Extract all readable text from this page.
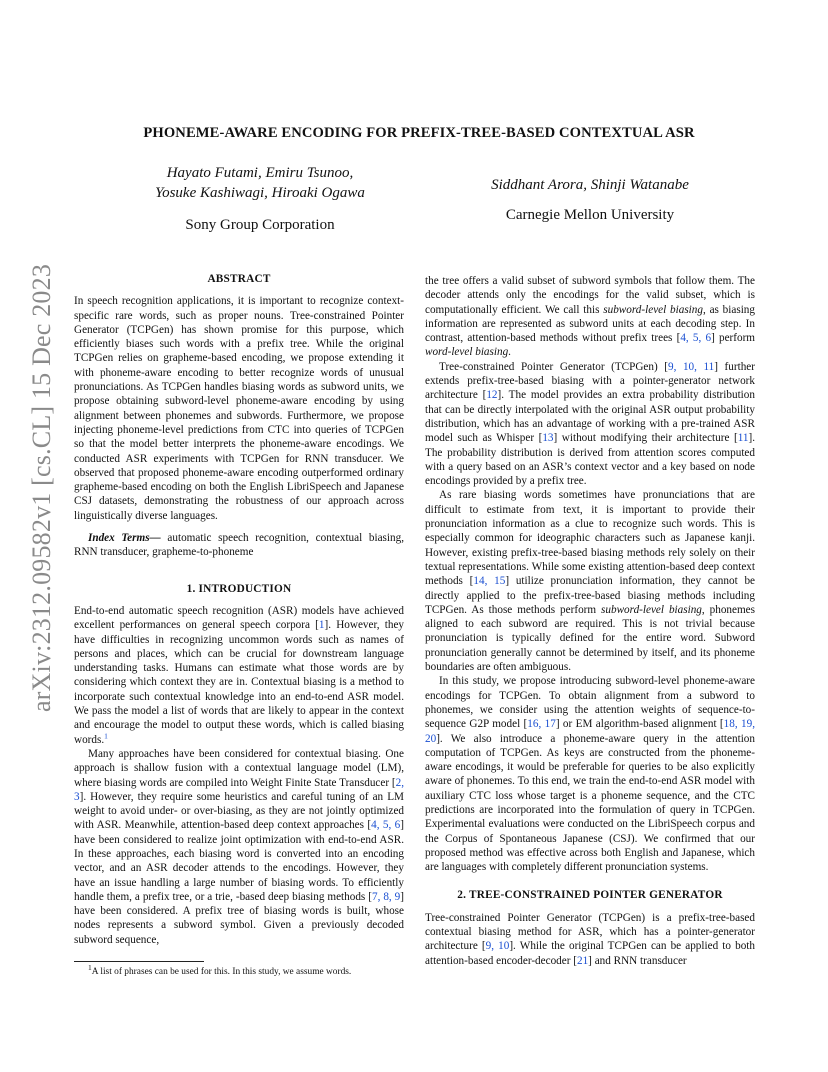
arXiv:2312.09582v1 [cs.CL] 15 Dec 2023
PHONEME-AWARE ENCODING FOR PREFIX-TREE-BASED CONTEXTUAL ASR
Hayato Futami, Emiru Tsunoo,
Yosuke Kashiwagi, Hiroaki Ogawa
Sony Group Corporation
Siddhant Arora, Shinji Watanabe
Carnegie Mellon University
ABSTRACT

In speech recognition applications, it is important to recognize context-specific rare words, such as proper nouns. Tree-constrained Pointer Generator (TCPGen) has shown promise for this purpose, which efficiently biases such words with a prefix tree. While the original TCPGen relies on grapheme-based encoding, we propose extending it with phoneme-aware encoding to better recognize words of unusual pronunciations. As TCPGen handles biasing words as subword units, we propose obtaining subword-level phoneme-aware encoding by using alignment between phonemes and subwords. Furthermore, we propose injecting phoneme-level predictions from CTC into queries of TCPGen so that the model better interprets the phoneme-aware encodings. We conducted ASR experiments with TCPGen for RNN transducer. We observed that proposed phoneme-aware encoding outperformed ordinary grapheme-based encoding on both the English LibriSpeech and Japanese CSJ datasets, demonstrating the robustness of our approach across linguistically diverse languages.

Index Terms— automatic speech recognition, contextual biasing, RNN transducer, grapheme-to-phoneme

1. INTRODUCTION

End-to-end automatic speech recognition (ASR) models have achieved excellent performances on general speech corpora [1]. However, they have difficulties in recognizing uncommon words such as names of persons and places, which can be crucial for downstream language understanding tasks. Humans can estimate what those words are by considering which context they are in. Contextual biasing is a method to incorporate such contextual knowledge into an end-to-end ASR model. We pass the model a list of words that are likely to appear in the context and encourage the model to output these words, which is called biasing words.$^1$

Many approaches have been considered for contextual biasing. One approach is shallow fusion with a contextual language model (LM), where biasing words are compiled into Weight Finite State Transducer [2, 3]. However, they require some heuristics and careful tuning of an LM weight to avoid under- or over-biasing, as they are not jointly optimized with ASR. Meanwhile, attention-based deep context approaches [4, 5, 6] have been considered to realize joint optimization with end-to-end ASR. In these approaches, each biasing word is converted into an encoding vector, and an ASR decoder attends to the encodings. However, they have an issue handling a large number of biasing words. To efficiently handle them, a prefix tree, or a trie, -based deep biasing methods [7, 8, 9] have been considered. A prefix tree of biasing words is built, whose nodes represents a subword symbol. Given a previously decoded subword sequence,

the tree offers a valid subset of subword symbols that follow them. The decoder attends only the encodings for the valid subset, which is computationally efficient. We call this subword-level biasing, as biasing information are represented as subword units at each decoding step. In contrast, attention-based methods without prefix trees [4, 5, 6] perform word-level biasing.

Tree-constrained Pointer Generator (TCPGen) [9, 10, 11] further extends prefix-tree-based biasing with a pointer-generator network architecture [12]. The model provides an extra probability distribution that can be directly interpolated with the original ASR output probability distribution, which has an advantage of working with a pre-trained ASR model such as Whisper [13] without modifying their architecture [11]. The probability distribution is derived from attention scores computed with a query based on an ASR’s context vector and a key based on node encodings provided by a prefix tree.

As rare biasing words sometimes have pronunciations that are difficult to estimate from text, it is important to provide their pronunciation information as a clue to recognize such words. This is especially common for ideographic characters such as Japanese kanji. However, existing prefix-tree-based biasing methods rely solely on their textual representations. While some existing attention-based deep context methods [14, 15] utilize pronunciation information, they cannot be directly applied to the prefix-tree-based biasing methods including TCPGen. As those methods perform subword-level biasing, phonemes aligned to each subword are required. This is not trivial because pronunciation is typically defined for the entire word. Subword pronunciation generally cannot be determined by itself, and its phoneme boundaries are often ambiguous.

In this study, we propose introducing subword-level phoneme-aware encodings for TCPGen. To obtain alignment from a subword to phonemes, we consider using the attention weights of sequence-to-sequence G2P model [16, 17] or EM algorithm-based alignment [18, 19, 20]. We also introduce a phoneme-aware query in the attention computation of TCPGen. As keys are constructed from the phoneme-aware encodings, it would be preferable for queries to be also explicitly aware of phonemes. To this end, we train the end-to-end ASR model with auxiliary CTC loss whose target is a phoneme sequence, and the CTC predictions are incorporated into the formulation of query in TCPGen. Experimental evaluations were conducted on the LibriSpeech corpus and the Corpus of Spontaneous Japanese (CSJ). We confirmed that our proposed method was effective across both English and Japanese, which are languages with completely different pronunciation systems.

2. TREE-CONSTRAINED POINTER GENERATOR

Tree-constrained Pointer Generator (TCPGen) is a prefix-tree-based contextual biasing method for ASR, which has a pointer-generator architecture [9, 10]. While the original TCPGen can be applied to both attention-based encoder-decoder [21] and RNN transducer

$^1$A list of phrases can be used for this. In this study, we assume words.
